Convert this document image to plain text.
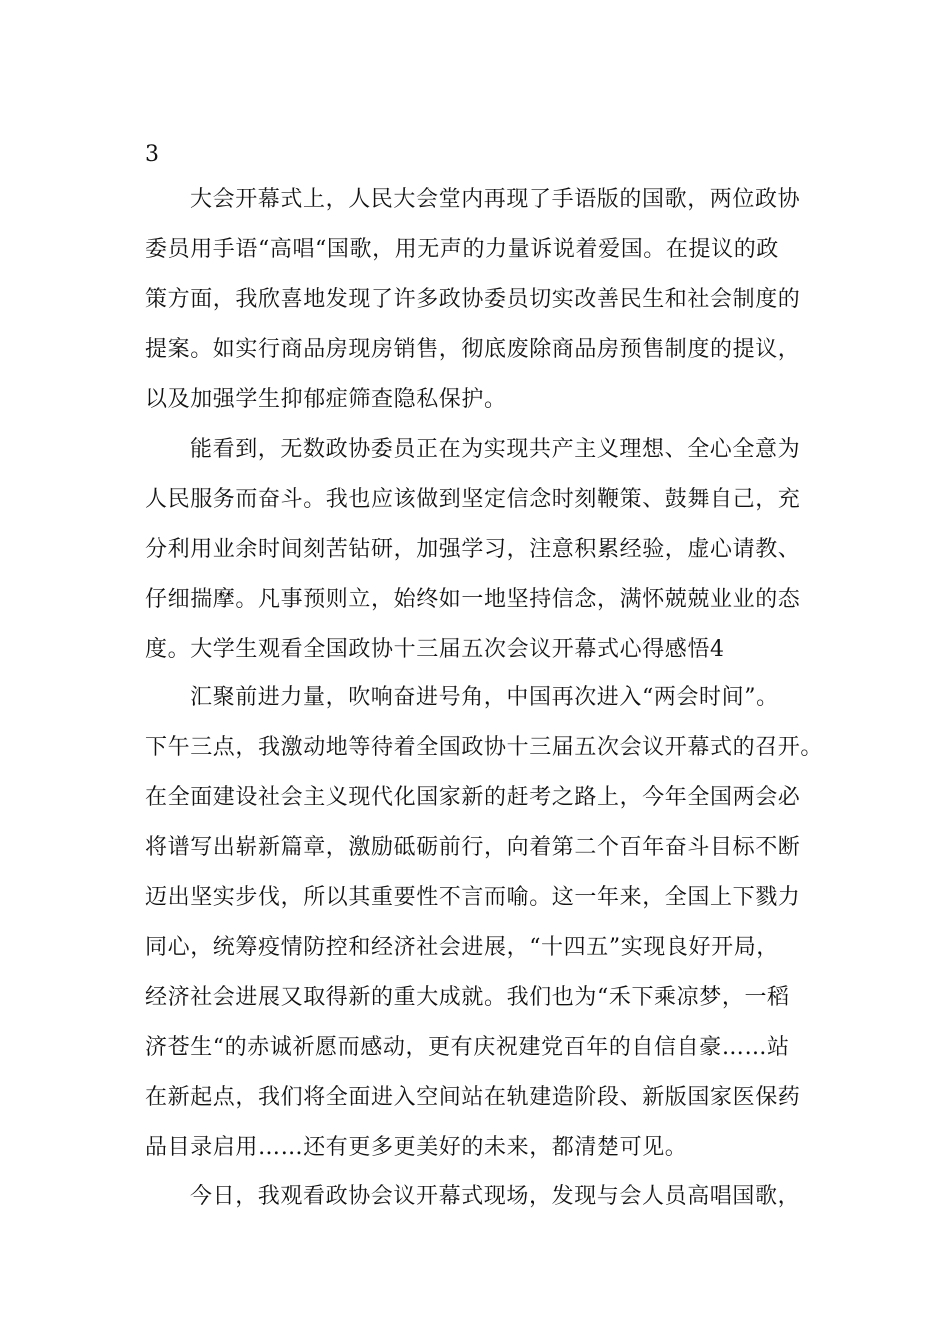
3
大会开幕式上，人民大会堂内再现了手语版的国歌，两位政协
委员用手语“高唱“国歌，用无声的力量诉说着爱国。在提议的政
策方面，我欣喜地发现了许多政协委员切实改善民生和社会制度的
提案。如实行商品房现房销售，彻底废除商品房预售制度的提议，
以及加强学生抑郁症筛查隐私保护。
能看到，无数政协委员正在为实现共产主义理想、全心全意为
人民服务而奋斗。我也应该做到坚定信念时刻鞭策、鼓舞自己，充
分利用业余时间刻苦钻研，加强学习，注意积累经验，虚心请教、
仔细揣摩。凡事预则立，始终如一地坚持信念，满怀兢兢业业的态
度。大学生观看全国政协十三届五次会议开幕式心得感悟4
汇聚前进力量，吹响奋进号角，中国再次进入“两会时间”。
下午三点，我激动地等待着全国政协十三届五次会议开幕式的召开。
在全面建设社会主义现代化国家新的赶考之路上，今年全国两会必
将谱写出崭新篇章，激励砥砺前行，向着第二个百年奋斗目标不断
迈出坚实步伐，所以其重要性不言而喻。这一年来，全国上下戮力
同心，统筹疫情防控和经济社会进展，“十四五”实现良好开局，
经济社会进展又取得新的重大成就。我们也为“禾下乘凉梦，一稻
济苍生“的赤诚祈愿而感动，更有庆祝建党百年的自信自豪……站
在新起点，我们将全面进入空间站在轨建造阶段、新版国家医保药
品目录启用……还有更多更美好的未来，都清楚可见。
今日，我观看政协会议开幕式现场，发现与会人员高唱国歌，
